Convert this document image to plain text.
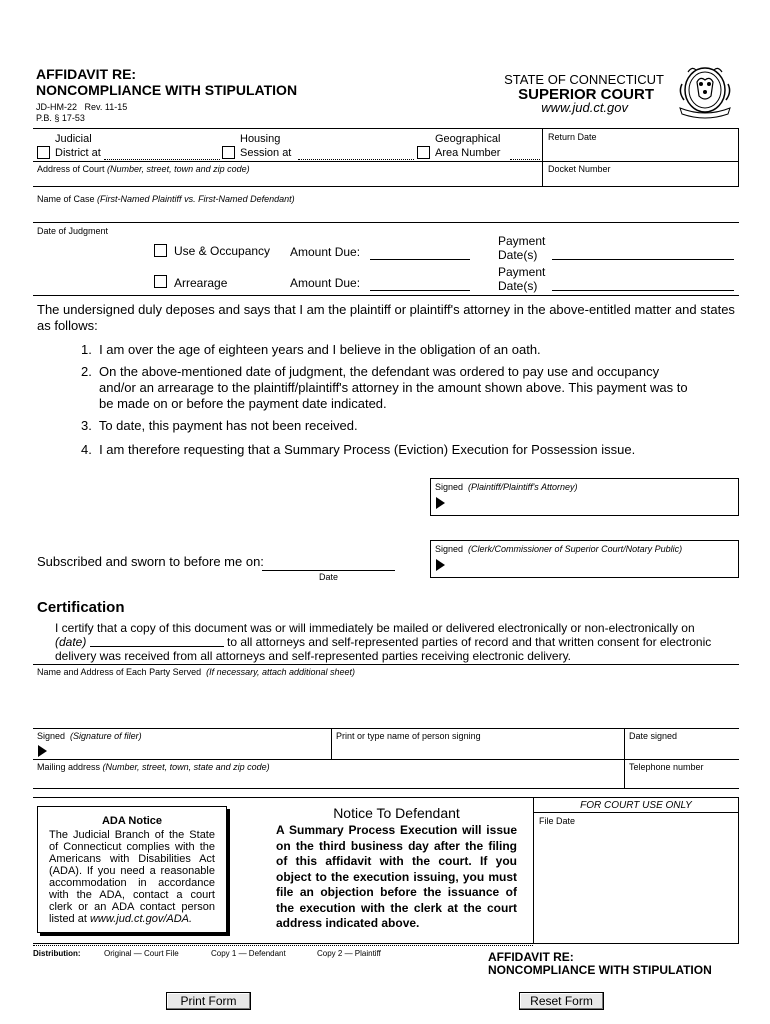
AFFIDAVIT RE:
NONCOMPLIANCE WITH STIPULATION
JD-HM-22 Rev. 11-15
P.B. § 17-53
STATE OF CONNECTICUT
SUPERIOR COURT
www.jud.ct.gov
Judicial
District at
Housing
Session at
Geographical
Area Number
Return Date
Address of Court (Number, street, town and zip code)	Docket Number
Name of Case (First-Named Plaintiff vs. First-Named Defendant)
Date of Judgment
Use & Occupancy Amount Due:
Payment
Date(s)
Arrearage	Amount Due:
Payment
Date(s)
The undersigned duly deposes and says that I am the plaintiff or plaintiff's attorney in the above-entitled matter and states as follows:
1.  I am over the age of eighteen years and I believe in the obligation of an oath.
2. On the above-mentioned date of judgment, the defendant was ordered to pay use and occupancy and/or an arrearage to the plaintiff/plaintiff's attorney in the amount shown above. This payment was to be made on or before the payment date indicated.
3.  To date, this payment has not been received.
4.  I am therefore requesting that a Summary Process (Eviction) Execution for Possession issue.
Signed (Plaintiff/Plaintiff's Attorney)
Subscribed and sworn to before me on:
Date
Signed (Clerk/Commissioner of Superior Court/Notary Public)
Certification
I certify that a copy of this document was or will immediately be mailed or delivered electronically or non-electronically on
(date)	to all attorneys and self-represented parties of record and that written consent for electronic
delivery was received from all attorneys and self-represented parties receiving electronic delivery.
Name and Address of Each Party Served (If necessary, attach additional sheet)
Signed (Signature of filer)	Print or type name of person signing	Date signed
Mailing address (Number, street, town, state and zip code)	Telephone number
ADA Notice
The Judicial Branch of the State of Connecticut complies with the Americans with Disabilities Act (ADA). If you need a reasonable accommodation in accordance with the ADA, contact a court clerk or an ADA contact person listed at www.jud.ct.gov/ADA.
Notice To Defendant
A Summary Process Execution will issue on the third business day after the filing of this affidavit with the court. If you object to the execution issuing, you must file an objection before the issuance of the execution with the clerk at the court address indicated above.
FOR COURT USE ONLY
File Date
Distribution:	Original — Court File	Copy 1 — Defendant	Copy 2 — Plaintiff	AFFIDAVIT RE:
NONCOMPLIANCE WITH STIPULATION
Print Form	Reset Form
